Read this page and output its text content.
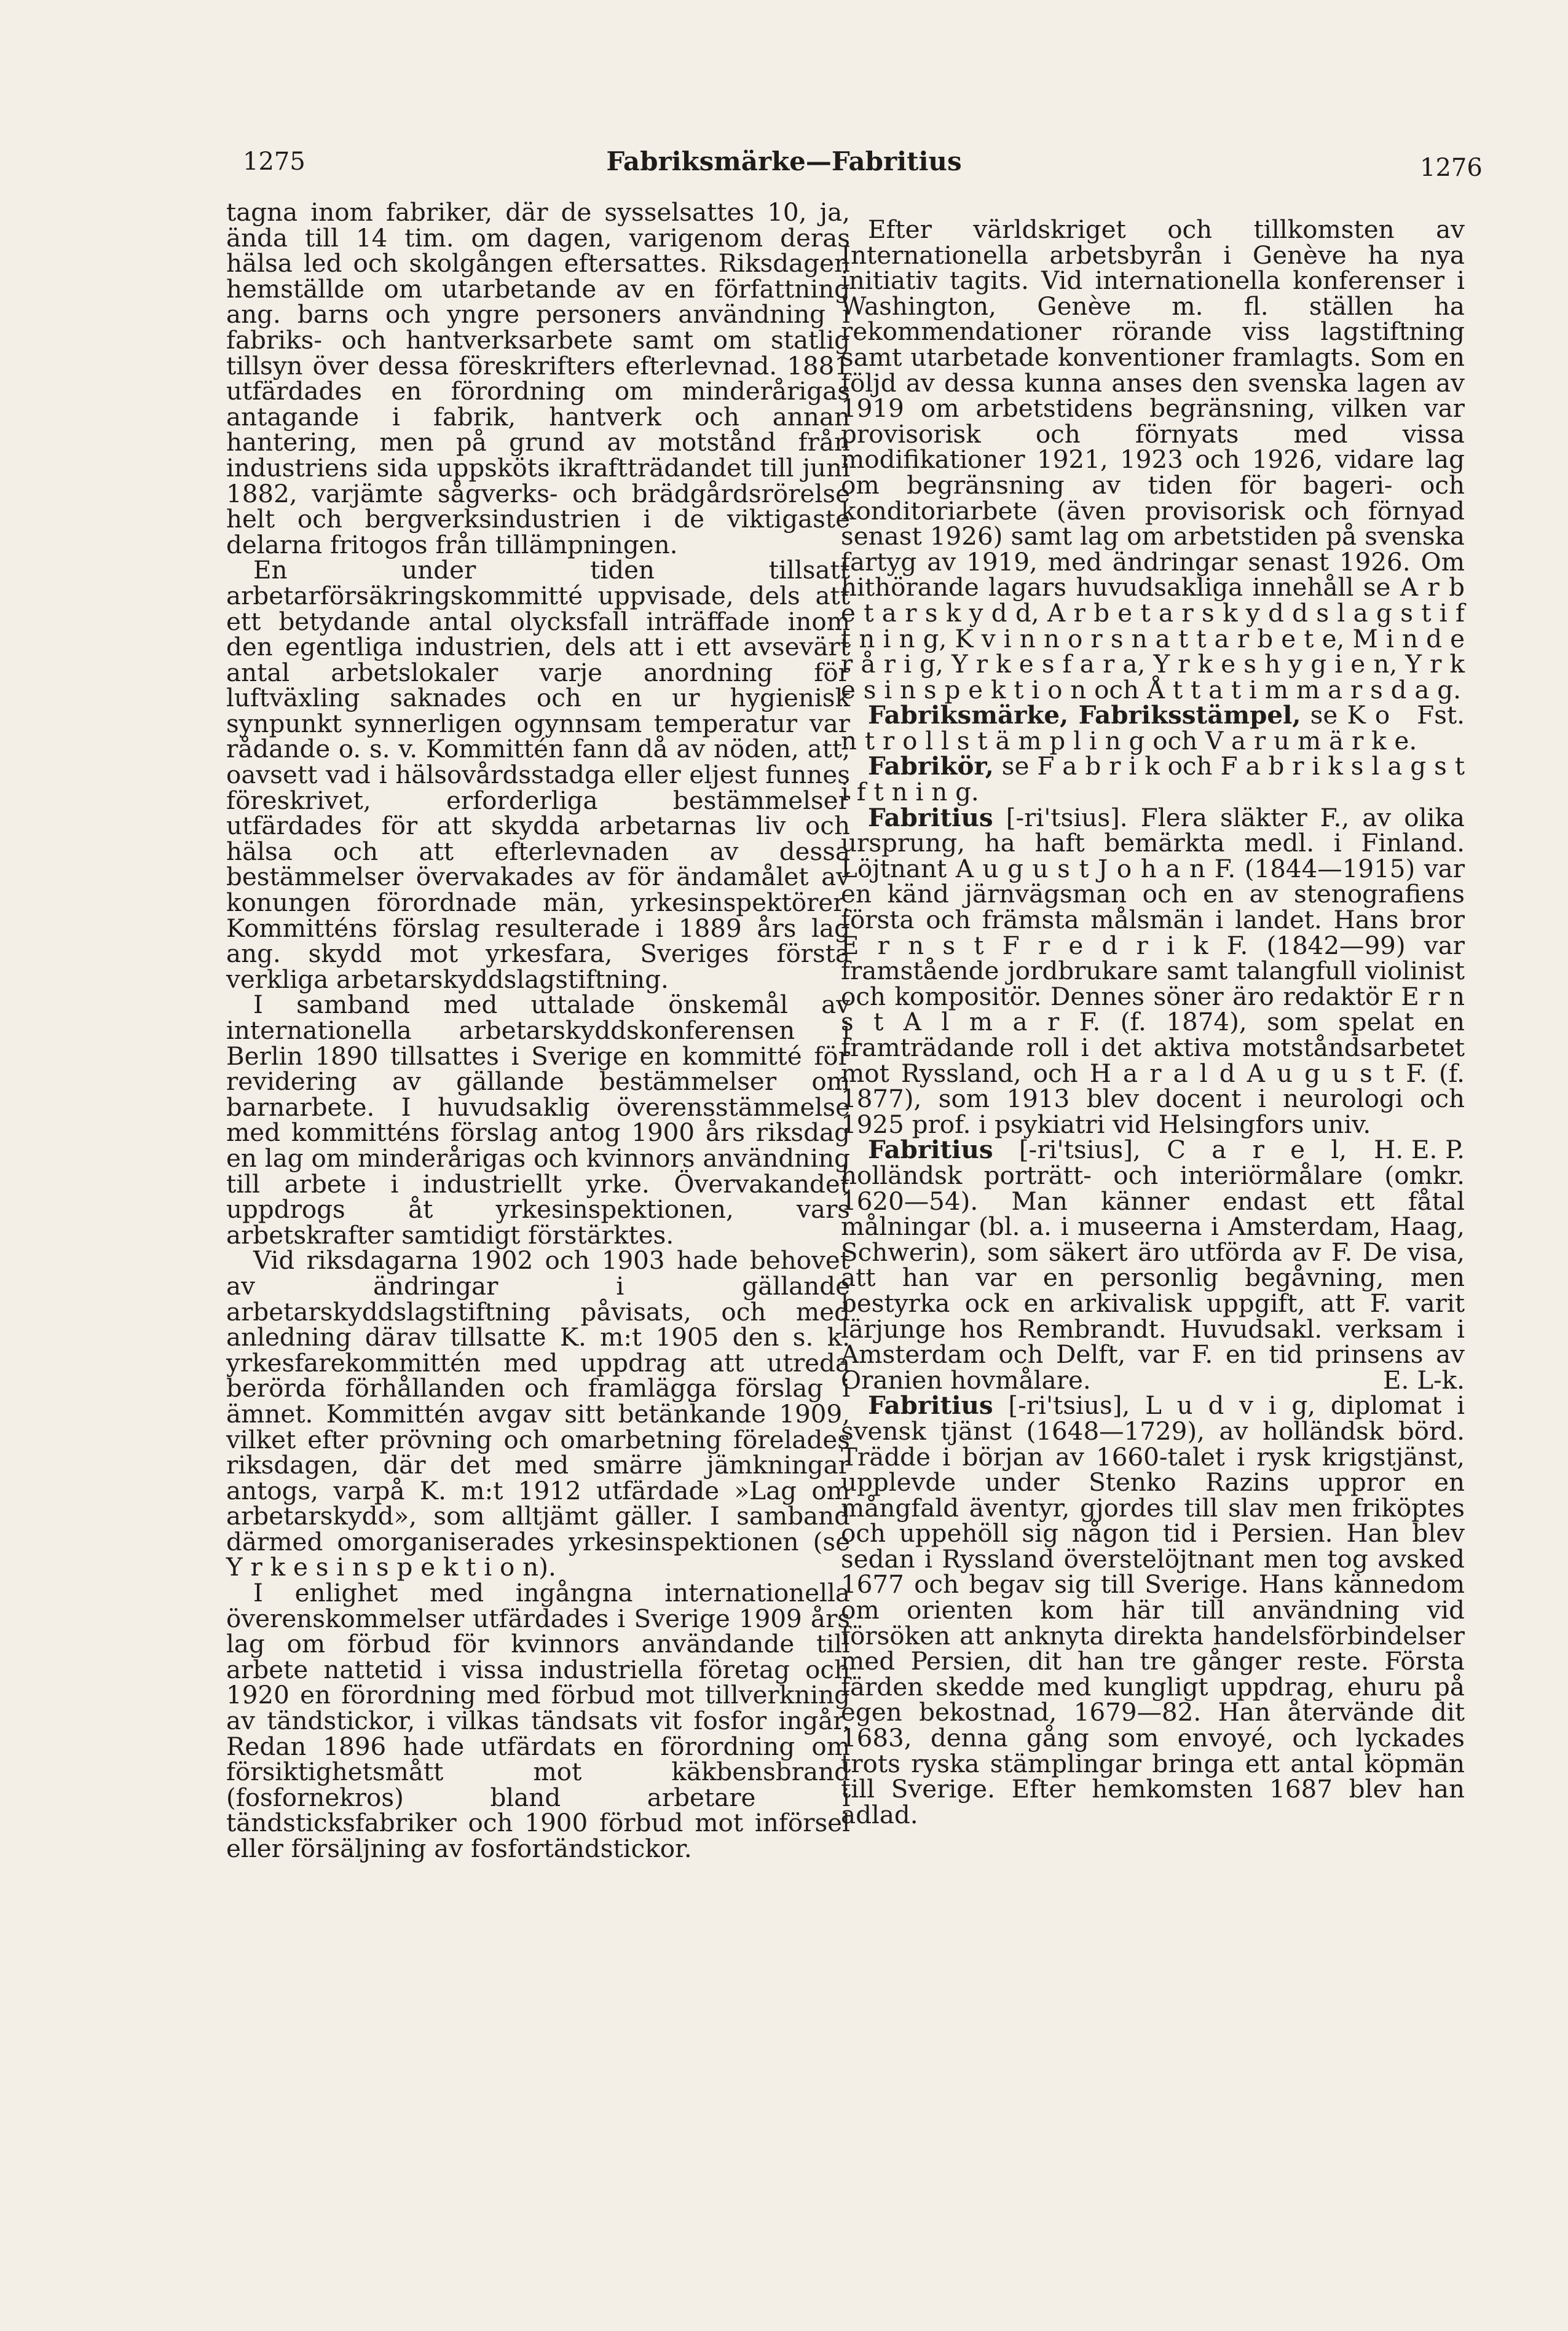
1275	Fabriksmärke—Fabritius	1276

tagna inom fabriker, där de sysselsattes 10, ja, ända till 14 tim. om dagen, varigenom deras hälsa led och skolgången eftersattes. Riksdagen hemställde om utarbetande av en författning ang. barns och yngre personers användning i fabriks- och hantverksarbete samt om statlig tillsyn över dessa föreskrifters efterlevnad. 1881 utfärdades en förordning om minderårigas antagande i fabrik, hantverk och annan hantering, men på grund av motstånd från industriens sida uppsköts ikraftträdandet till juni 1882, varjämte sågverks- och brädgårdsrörelse helt och bergverksindustrien i de viktigaste delarna fritogos från tillämpningen.

En under tiden tillsatt arbetarförsäkringskommitté uppvisade, dels att ett betydande antal olycksfall inträffade inom den egentliga industrien, dels att i ett avsevärt antal arbetslokaler varje anordning för luftväxling saknades och en ur hygienisk synpunkt synnerligen ogynnsam temperatur var rådande o. s. v. Kommittén fann då av nöden, att, oavsett vad i hälsovårdsstadga eller eljest funnes föreskrivet, erforderliga bestämmelser utfärdades för att skydda arbetarnas liv och hälsa och att efterlevnaden av dessa bestämmelser övervakades av för ändamålet av konungen förordnade män, yrkesinspektörer. Kommitténs förslag resulterade i 1889 års lag ang. skydd mot yrkesfara, Sveriges första verkliga arbetarskyddslagstiftning.

I samband med uttalade önskemål av internationella arbetarskyddskonferensen i Berlin 1890 tillsattes i Sverige en kommitté för revidering av gällande bestämmelser om barnarbete. I huvudsaklig överensstämmelse med kommitténs förslag antog 1900 års riksdag en lag om minderårigas och kvinnors användning till arbete i industriellt yrke. Övervakandet uppdrogs åt yrkesinspektionen, vars arbetskrafter samtidigt förstärktes.

Vid riksdagarna 1902 och 1903 hade behovet av ändringar i gällande arbetarskyddslagstiftning påvisats, och med anledning därav tillsatte K. m:t 1905 den s. k. yrkesfarekommittén med uppdrag att utreda berörda förhållanden och framlägga förslag i ämnet. Kommittén avgav sitt betänkande 1909, vilket efter prövning och omarbetning förelades riksdagen, där det med smärre jämkningar antogs, varpå K. m:t 1912 utfärdade »Lag om arbetarskydd», som alltjämt gäller. I samband därmed omorganiserades yrkesinspektionen (se Y r k e s i n s p e k t i o n).

I enlighet med ingångna internationella överenskommelser utfärdades i Sverige 1909 års lag om förbud för kvinnors användande till arbete nattetid i vissa industriella företag och 1920 en förordning med förbud mot tillverkning av tändstickor, i vilkas tändsats vit fosfor ingår. Redan 1896 hade utfärdats en förordning om försiktighetsmått mot käkbensbrand (fosfornekros) bland arbetare i tändsticksfabriker och 1900 förbud mot införsel eller försäljning av fosfortändstickor.

Efter världskriget och tillkomsten av Internationella arbetsbyrån i Genève ha nya initiativ tagits. Vid internationella konferenser i Washington, Genève m. fl. ställen ha rekommendationer rörande viss lagstiftning samt utarbetade konventioner framlagts. Som en följd av dessa kunna anses den svenska lagen av 1919 om arbetstidens begränsning, vilken var provisorisk och förnyats med vissa modifikationer 1921, 1923 och 1926, vidare lag om begränsning av tiden för bageri- och konditoriarbete (även provisorisk och förnyad senast 1926) samt lag om arbetstiden på svenska fartyg av 1919, med ändringar senast 1926. Om hithörande lagars huvudsakliga innehåll se A r b e t a r s k y d d, A r b e t a r s k y d d s l a g s t i f t n i n g, K v i n n o r s n a t t a r b e t e, M i n d e r å r i g, Y r k e s f a r a, Y r k e s h y g i e n, Y r k e s i n s p e k t i o n och Å t t a t i m m a r s d a g.
Fst.

Fabriksmärke, Fabriksstämpel, se K o n t r o l l s t ä m p l i n g och V a r u m ä r k e.

Fabrikör, se F a b r i k och F a b r i k s l a g s t i f t n i n g.

Fabritius [-ri'tsius]. Flera släkter F., av olika ursprung, ha haft bemärkta medl. i Finland. Löjtnant A u g u s t J o h a n F. (1844—1915) var en känd järnvägsman och en av stenografiens första och främsta målsmän i landet. Hans bror E r n s t F r e d r i k F. (1842—99) var framstående jordbrukare samt talangfull violinist och kompositör. Dennes söner äro redaktör E r n s t A l m a r F. (f. 1874), som spelat en framträdande roll i det aktiva motståndsarbetet mot Ryssland, och H a r a l d A u g u s t F. (f. 1877), som 1913 blev docent i neurologi och 1925 prof. i psykiatri vid Helsingfors univ.
H. E. P.

Fabritius [-ri'tsius], C a r e l, holländsk porträtt- och interiörmålare (omkr. 1620—54). Man känner endast ett fåtal målningar (bl. a. i museerna i Amsterdam, Haag, Schwerin), som säkert äro utförda av F. De visa, att han var en personlig begåvning, men bestyrka ock en arkivalisk uppgift, att F. varit lärjunge hos Rembrandt. Huvudsakl. verksam i Amsterdam och Delft, var F. en tid prinsens av Oranien hovmålare.	E. L-k.

Fabritius [-ri'tsius], L u d v i g, diplomat i svensk tjänst (1648—1729), av holländsk börd. Trädde i början av 1660-talet i rysk krigstjänst, upplevde under Stenko Razins uppror en mångfald äventyr, gjordes till slav men friköptes och uppehöll sig någon tid i Persien. Han blev sedan i Ryssland överstelöjtnant men tog avsked 1677 och begav sig till Sverige. Hans kännedom om orienten kom här till användning vid försöken att anknyta direkta handelsförbindelser med Persien, dit han tre gånger reste. Första färden skedde med kungligt uppdrag, ehuru på egen bekostnad, 1679—82. Han återvände dit 1683, denna gång som envoyé, och lyckades trots ryska stämplingar bringa ett antal köpmän till Sverige. Efter hemkomsten 1687 blev han adlad.
